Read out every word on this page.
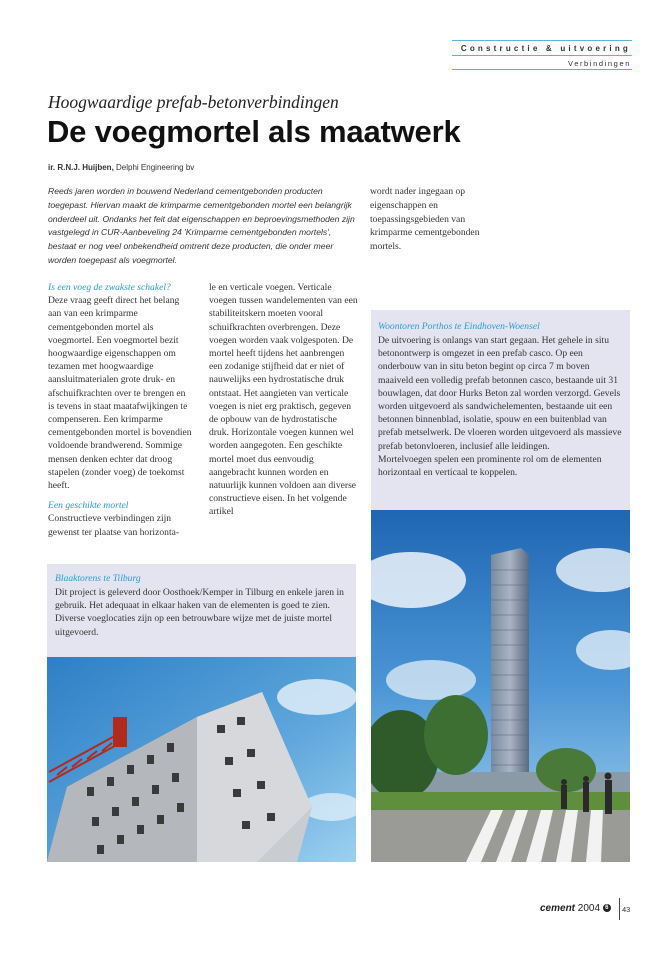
Constructie & uitvoering
Verbindingen
Hoogwaardige prefab-betonverbindingen
De voegmortel als maatwerk
ir. R.N.J. Huijben, Delphi Engineering bv
Reeds jaren worden in bouwend Nederland cementgebonden producten toegepast. Hiervan maakt de krimparme cementgebonden mortel een belangrijk onderdeel uit. Ondanks het feit dat eigenschappen en beproevingsmethoden zijn vastgelegd in CUR-Aanbeveling 24 'Krimparme cementgebonden mortels', bestaat er nog veel onbekendheid omtrent deze producten, die onder meer worden toegepast als voegmortel.
wordt nader ingegaan op eigenschappen en toepassingsgebieden van krimparme cementgebonden mortels.

Is een voeg de zwakste schakel?

Deze vraag geeft direct het belang aan van een krimparme cementgebonden mortel als voegmortel. Een voegmortel bezit hoogwaardige eigenschappen om tezamen met hoogwaardige aansluitmaterialen grote druk- en afschuifkrachten over te brengen en is tevens in staat maatafwijkingen te compenseren. Een krimparme cementgebonden mortel is bovendien voldoende brandwerend. Sommige mensen denken echter dat droog stapelen (zonder voeg) de toekomst heeft.

Een geschikte mortel

Constructieve verbindingen zijn gewenst ter plaatse van horizonta-

le en verticale voegen. Verticale voegen tussen wandelementen van een stabiliteitskern moeten vooral schuifkrachten overbrengen. Deze voegen worden vaak volgespoten. De mortel heeft tijdens het aanbrengen een zodanige stijfheid dat er niet of nauwelijks een hydrostatische druk ontstaat. Het aangieten van verticale voegen is niet erg praktisch, gegeven de opbouw van de hydrostatische druk. Horizontale voegen kunnen wel worden aangegoten. Een geschikte mortel moet dus eenvoudig aangebracht kunnen worden en natuurlijk kunnen voldoen aan diverse constructieve eisen. In het volgende artikel

Blaaktorens te Tilburg
Dit project is geleverd door Oosthoek/Kemper in Tilburg en enkele jaren in gebruik. Het adequaat in elkaar haken van de elementen is goed te zien. Diverse voeglocaties zijn op een betrouwbare wijze met de juiste mortel uitgevoerd.
Woontoren Porthos te Eindhoven-Woensel
De uitvoering is onlangs van start gegaan. Het gehele in situ betonontwerp is omgezet in een prefab casco. Op een onderbouw van in situ beton begint op circa 7 m boven maaiveld een volledig prefab betonnen casco, bestaande uit 31 bouwlagen, dat door Hurks Beton zal worden verzorgd. Gevels worden uitgevoerd als sandwichelementen, bestaande uit een betonnen binnenblad, isolatie, spouw en een buitenblad van prefab metselwerk. De vloeren worden uitgevoerd als massieve prefab betonvloeren, inclusief alle leidingen.
Mortelvoegen spelen een prominente rol om de elementen horizontaal en verticaal te koppelen.
cement 2004 6	43
